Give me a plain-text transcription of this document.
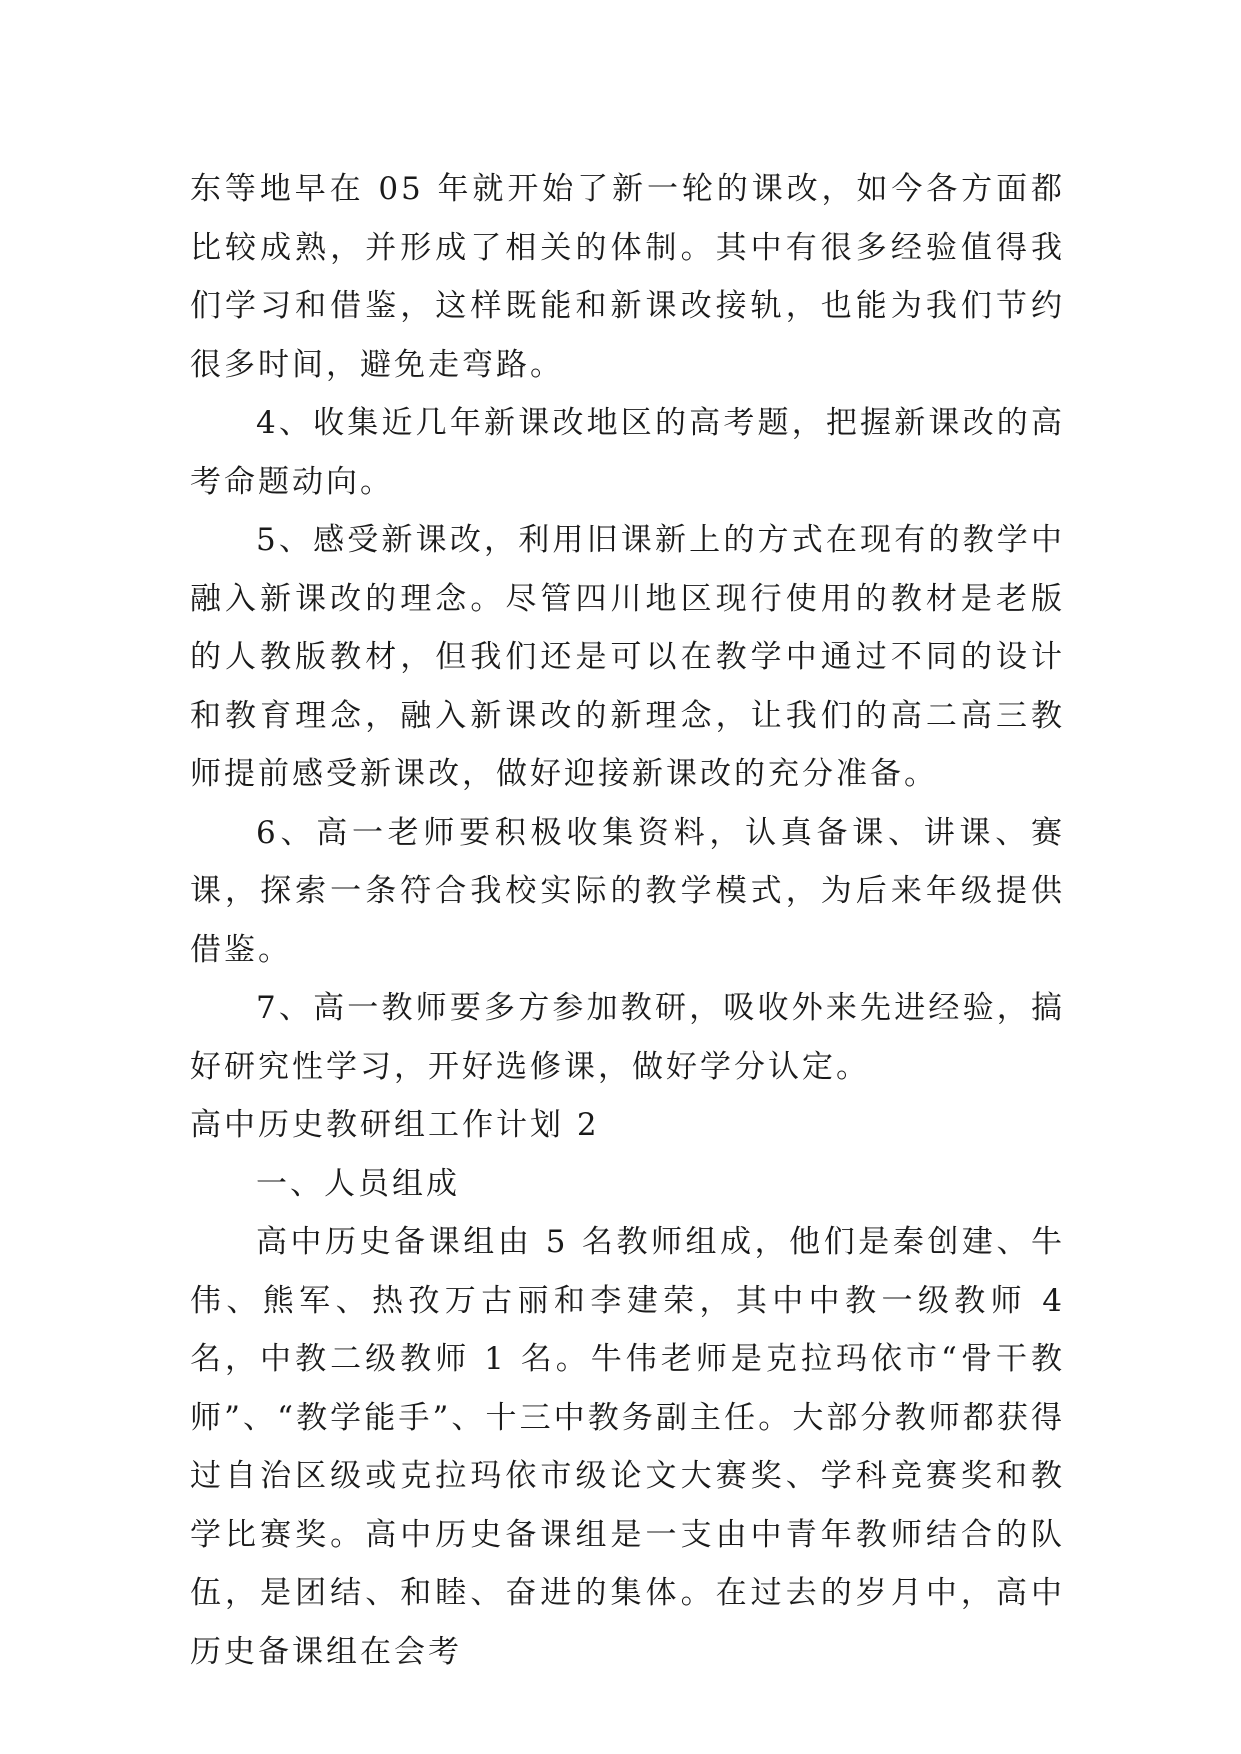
东等地早在 05 年就开始了新一轮的课改，如今各方面都比较成熟，并形成了相关的体制。其中有很多经验值得我们学习和借鉴，这样既能和新课改接轨，也能为我们节约很多时间，避免走弯路。

4、收集近几年新课改地区的高考题，把握新课改的高考命题动向。

5、感受新课改，利用旧课新上的方式在现有的教学中融入新课改的理念。尽管四川地区现行使用的教材是老版的人教版教材，但我们还是可以在教学中通过不同的设计和教育理念，融入新课改的新理念，让我们的高二高三教师提前感受新课改，做好迎接新课改的充分准备。

6、高一老师要积极收集资料，认真备课、讲课、赛课，探索一条符合我校实际的教学模式，为后来年级提供借鉴。

7、高一教师要多方参加教研，吸收外来先进经验，搞好研究性学习，开好选修课，做好学分认定。

高中历史教研组工作计划 2

一、人员组成

高中历史备课组由 5 名教师组成，他们是秦创建、牛伟、熊军、热孜万古丽和李建荣，其中中教一级教师 4 名，中教二级教师 1 名。牛伟老师是克拉玛依市“骨干教师”、“教学能手”、十三中教务副主任。大部分教师都获得过自治区级或克拉玛依市级论文大赛奖、学科竞赛奖和教学比赛奖。高中历史备课组是一支由中青年教师结合的队伍，是团结、和睦、奋进的集体。在过去的岁月中，高中历史备课组在会考
